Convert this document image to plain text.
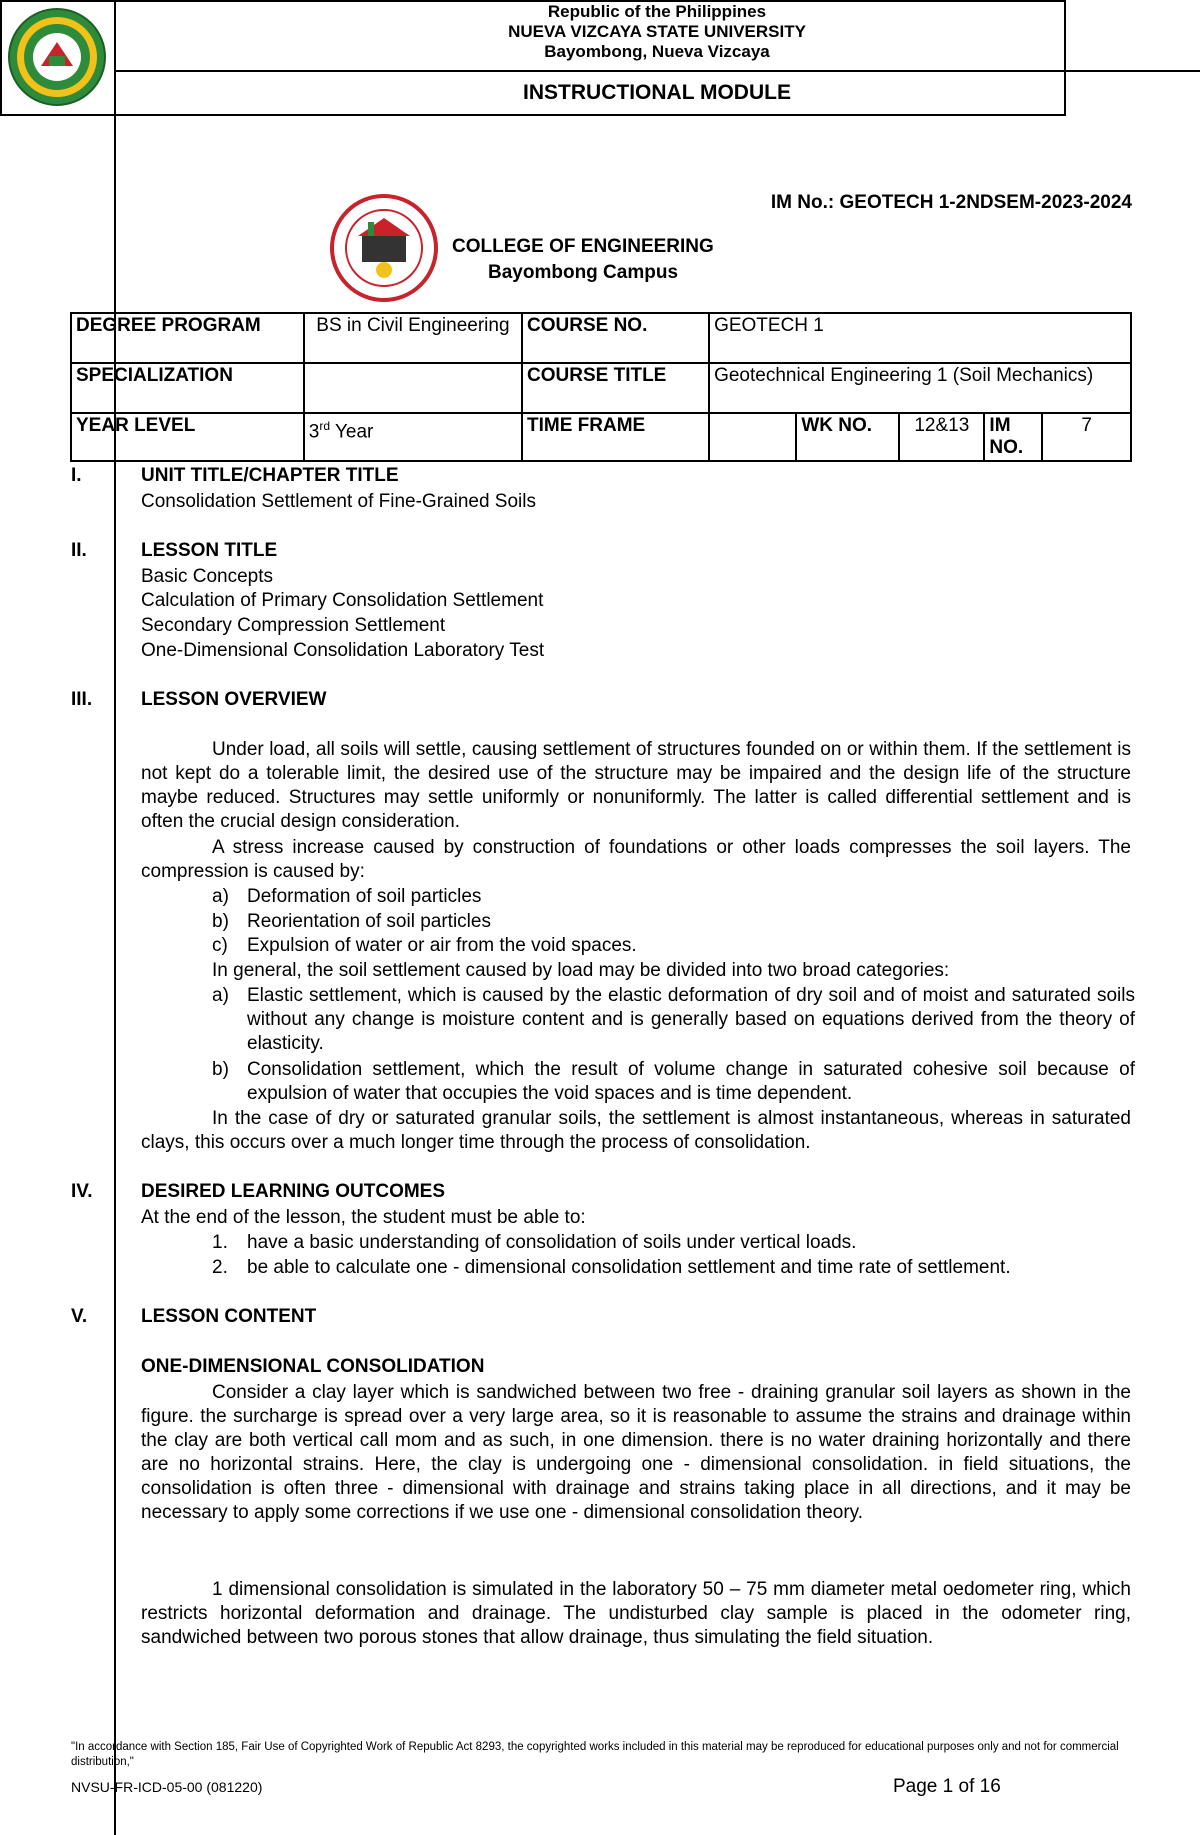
Republic of the Philippines
NUEVA VIZCAYA STATE UNIVERSITY
Bayombong, Nueva Vizcaya
INSTRUCTIONAL MODULE
IM No.: GEOTECH 1-2NDSEM-2023-2024
COLLEGE OF ENGINEERING
Bayombong Campus
DEGREE PROGRAM	BS in Civil Engineering	COURSE NO.	GEOTECH 1				
SPECIALIZATION		COURSE TITLE	Geotechnical Engineering 1 (Soil Mechanics)				
YEAR LEVEL	3rd Year	TIME FRAME		WK NO.	12&13	IM NO.	7
I.	UNIT TITLE/CHAPTER TITLE
Consolidation Settlement of Fine-Grained Soils
II.	LESSON TITLE
Basic Concepts
Calculation of Primary Consolidation Settlement
Secondary Compression Settlement
One-Dimensional Consolidation Laboratory Test
III.	LESSON OVERVIEW
Under load, all soils will settle, causing settlement of structures founded on or within them. If the settlement is not kept do a tolerable limit, the desired use of the structure may be impaired and the design life of the structure maybe reduced. Structures may settle uniformly or nonuniformly. The latter is called differential settlement and is often the crucial design consideration.
A stress increase caused by construction of foundations or other loads compresses the soil layers. The compression is caused by:
a) Deformation of soil particles
b) Reorientation of soil particles
c) Expulsion of water or air from the void spaces.
In general, the soil settlement caused by load may be divided into two broad categories:
a) Elastic settlement, which is caused by the elastic deformation of dry soil and of moist and saturated soils without any change is moisture content and is generally based on equations derived from the theory of elasticity.
b) Consolidation settlement, which the result of volume change in saturated cohesive soil because of expulsion of water that occupies the void spaces and is time dependent.
In the case of dry or saturated granular soils, the settlement is almost instantaneous, whereas in saturated clays, this occurs over a much longer time through the process of consolidation.
IV.	DESIRED LEARNING OUTCOMES
At the end of the lesson, the student must be able to:
1. have a basic understanding of consolidation of soils under vertical loads.
2. be able to calculate one - dimensional consolidation settlement and time rate of settlement.
V.	LESSON CONTENT
ONE-DIMENSIONAL CONSOLIDATION
Consider a clay layer which is sandwiched between two free - draining granular soil layers as shown in the figure. the surcharge is spread over a very large area, so it is reasonable to assume the strains and drainage within the clay are both vertical call mom and as such, in one dimension. there is no water draining horizontally and there are no horizontal strains. Here, the clay is undergoing one - dimensional consolidation. in field situations, the consolidation is often three - dimensional with drainage and strains taking place in all directions, and it may be necessary to apply some corrections if we use one - dimensional consolidation theory.
1 dimensional consolidation is simulated in the laboratory 50 – 75 mm diameter metal oedometer ring, which restricts horizontal deformation and drainage. The undisturbed clay sample is placed in the odometer ring, sandwiched between two porous stones that allow drainage, thus simulating the field situation.
"In accordance with Section 185, Fair Use of Copyrighted Work of Republic Act 8293, the copyrighted works included in this material may be reproduced for educational purposes only and not for commercial distribution,"
NVSU-FR-ICD-05-00 (081220)	Page 1 of 16
